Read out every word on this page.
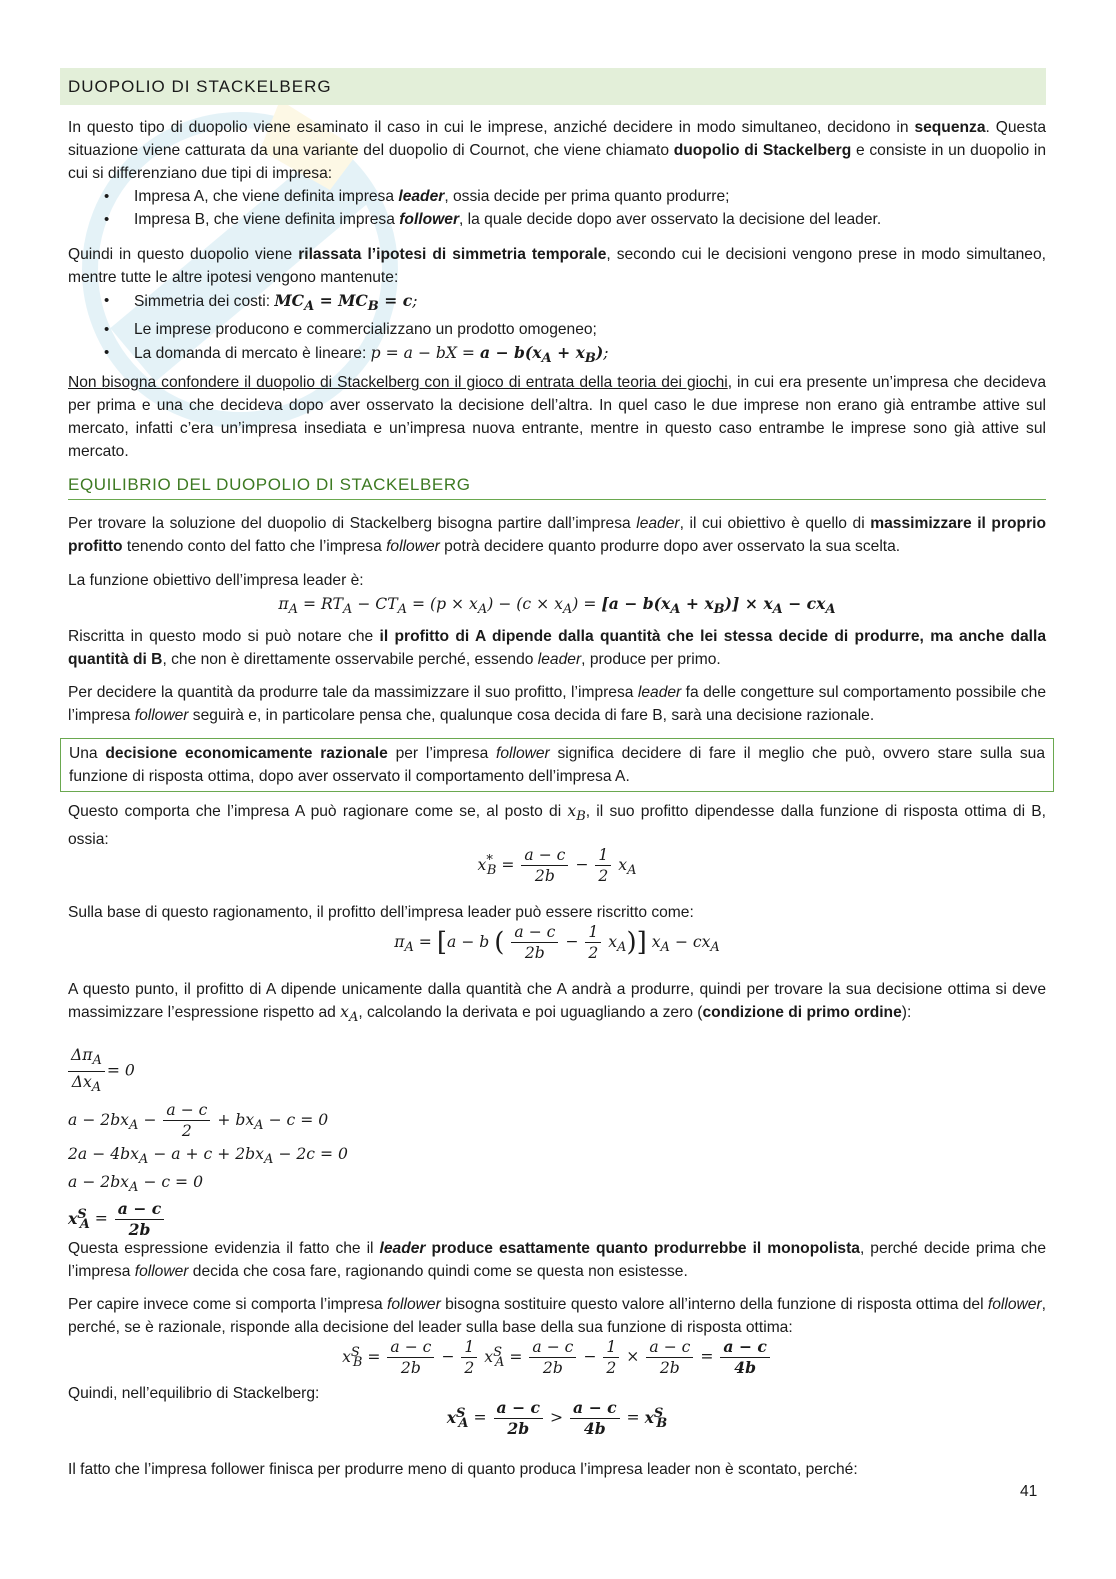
DUOPOLIO DI STACKELBERG

In questo tipo di duopolio viene esaminato il caso in cui le imprese, anziché decidere in modo simultaneo, decidono in sequenza. Questa situazione viene catturata da una variante del duopolio di Cournot, che viene chiamato duopolio di Stackelberg e consiste in un duopolio in cui si differenziano due tipi di impresa:

• Impresa A, che viene definita impresa leader, ossia decide per prima quanto produrre;
• Impresa B, che viene definita impresa follower, la quale decide dopo aver osservato la decisione del leader.

Quindi in questo duopolio viene rilassata l’ipotesi di simmetria temporale, secondo cui le decisioni vengono prese in modo simultaneo, mentre tutte le altre ipotesi vengono mantenute:

• Simmetria dei costi: $MC_A = MC_B = c$;
• Le imprese producono e commercializzano un prodotto omogeneo;
• La domanda di mercato è lineare: p = a − bX = $a - b(x_A + x_B)$;

Non bisogna confondere il duopolio di Stackelberg con il gioco di entrata della teoria dei giochi, in cui era presente un’impresa che decideva per prima e una che decideva dopo aver osservato la decisione dell’altra. In quel caso le due imprese non erano già entrambe attive sul mercato, infatti c’era un’impresa insediata e un’impresa nuova entrante, mentre in questo caso entrambe le imprese sono già attive sul mercato.

EQUILIBRIO DEL DUOPOLIO DI STACKELBERG

Per trovare la soluzione del duopolio di Stackelberg bisogna partire dall’impresa leader, il cui obiettivo è quello di massimizzare il proprio profitto tenendo conto del fatto che l’impresa follower potrà decidere quanto produrre dopo aver osservato la sua scelta.

La funzione obiettivo dell’impresa leader è:

$\pi_A = RT_A - CT_A = (p \times x_A) - (c \times x_A) = [a - b(x_A + x_B)] \times x_A - cx_A$

Riscritta in questo modo si può notare che il profitto di A dipende dalla quantità che lei stessa decide di produrre, ma anche dalla quantità di B, che non è direttamente osservabile perché, essendo leader, produce per primo.

Per decidere la quantità da produrre tale da massimizzare il suo profitto, l’impresa leader fa delle congetture sul comportamento possibile che l’impresa follower seguirà e, in particolare pensa che, qualunque cosa decida di fare B, sarà una decisione razionale.

Una decisione economicamente razionale per l’impresa follower significa decidere di fare il meglio che può, ovvero stare sulla sua funzione di risposta ottima, dopo aver osservato il comportamento dell’impresa A.

Questo comporta che l’impresa A può ragionare come se, al posto di $x_B$, il suo profitto dipendesse dalla funzione di risposta ottima di B, ossia:

$x^*_B = \frac{a - c}{2b} - \frac{1}{2} x_A$

Sulla base di questo ragionamento, il profitto dell’impresa leader può essere riscritto come:

$\pi_A = [a - b$ ( $\frac{a - c}{2b} - \frac{1}{2} x_A$)] $x_A - cx_A$

A questo punto, il profitto di A dipende unicamente dalla quantità che A andrà a produrre, quindi per trovare la sua decisione ottima si deve massimizzare l’espressione rispetto ad $x_A$, calcolando la derivata e poi uguagliando a zero (condizione di primo ordine):

$\frac{\Delta\pi_A}{\Delta x_A} = 0$
$a - 2bx_A - \frac{a - c}{2} + bx_A - c = 0$
$2a - 4bx_A - a + c + 2bx_A - 2c = 0$
$a - 2bx_A - c = 0$
$x^S_A = \frac{a - c}{2b}$

Questa espressione evidenzia il fatto che il leader produce esattamente quanto produrrebbe il monopolista, perché decide prima che l’impresa follower decida che cosa fare, ragionando quindi come se questa non esistesse.

Per capire invece come si comporta l’impresa follower bisogna sostituire questo valore all’interno della funzione di risposta ottima del follower, perché, se è razionale, risponde alla decisione del leader sulla base della sua funzione di risposta ottima:

$x^S_B = \frac{a - c}{2b} - \frac{1}{2} x^S_A = \frac{a - c}{2b} - \frac{1}{2} \times \frac{a - c}{2b} = \frac{a - c}{4b}$

Quindi, nell’equilibrio di Stackelberg:

$x^S_A = \frac{a - c}{2b} > \frac{a - c}{4b} = x^S_B$

Il fatto che l’impresa follower finisca per produrre meno di quanto produca l’impresa leader non è scontato, perché:

41
